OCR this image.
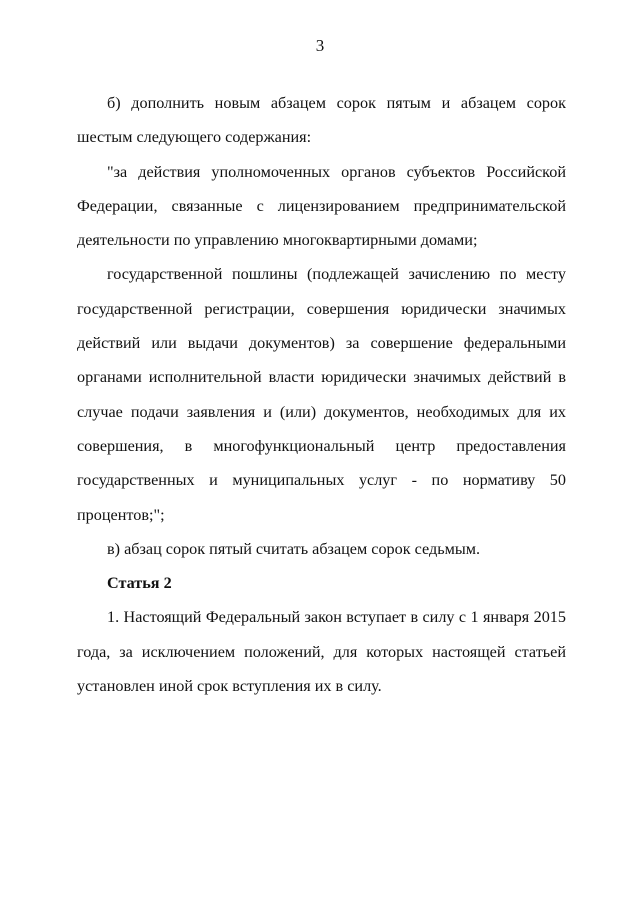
3

б) дополнить новым абзацем сорок пятым и абзацем сорок шестым следующего содержания:

"за действия уполномоченных органов субъектов Российской Федерации, связанные с лицензированием предпринимательской деятельности по управлению многоквартирными домами;

государственной пошлины (подлежащей зачислению по месту государственной регистрации, совершения юридически значимых действий или выдачи документов) за совершение федеральными органами исполнительной власти юридически значимых действий в случае подачи заявления и (или) документов, необходимых для их совершения, в многофункциональный центр предоставления государственных и муниципальных услуг - по нормативу 50 процентов;";

в) абзац сорок пятый считать абзацем сорок седьмым.

Статья 2

1. Настоящий Федеральный закон вступает в силу с 1 января 2015 года, за исключением положений, для которых настоящей статьей установлен иной срок вступления их в силу.
